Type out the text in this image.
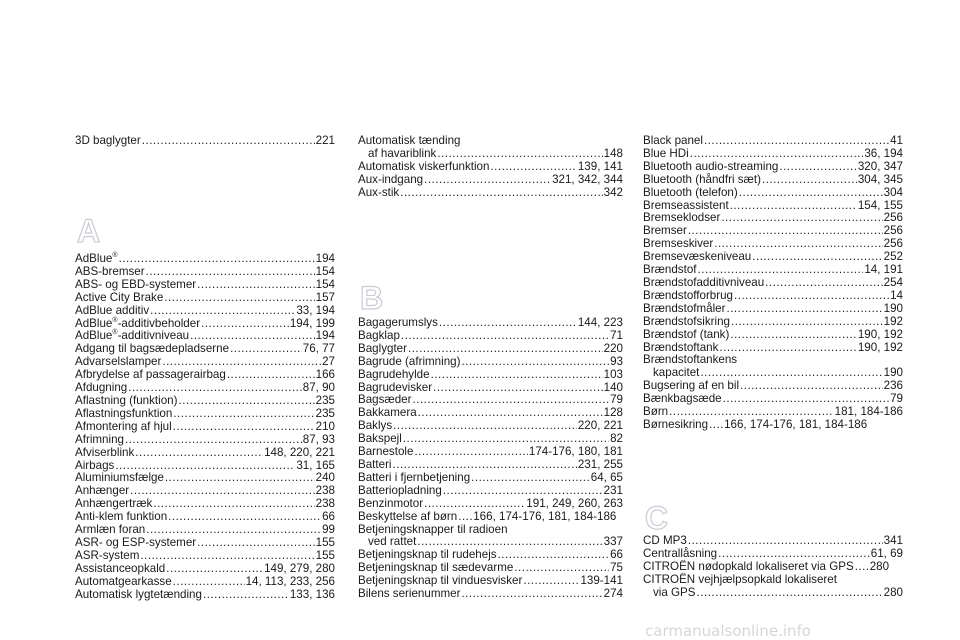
3D baglygter .....	221
A
AdBlue® .....	194
ABS-bremser .....	154
ABS- og EBD-systemer .....	154
Active City Brake .....	157
AdBlue additiv .....	33, 194
AdBlue®-additivbeholder .....	194, 199
AdBlue®-additivniveau .....	194
Adgang til bagsædepladserne .....	76, 77
Advarselslamper .....	27
Afbrydelse af passagerairbag .....	166
Afdugning .....	87, 90
Aflastning (funktion) .....	235
Aflastningsfunktion .....	235
Afmontering af hjul .....	210
Afrimning .....	87, 93
Afviserblink .....	148, 220, 221
Airbags .....	31, 165
Aluminiumsfælge .....	240
Anhænger .....	238
Anhængertræk .....	238
Anti-klem funktion .....	66
Armlæn foran .....	99
ASR- og ESP-systemer .....	155
ASR-system .....	155
Assistanceopkald .....	149, 279, 280
Automatgearkasse .....	14, 113, 233, 256
Automatisk lygtetænding .....	133, 136
Automatisk tænding
af havariblink .....	148
Automatisk viskerfunktion .....	139, 141
Aux-indgang .....	321, 342, 344
Aux-stik .....	342
B
Bagagerumslys .....	144, 223
Bagklap .....	71
Baglygter .....	220
Bagrude (afrimning) .....	93
Bagrudehylde .....	103
Bagrudevisker .....	140
Bagsæder .....	79
Bakkamera .....	128
Baklys .....	220, 221
Bakspejl .....	82
Barnestole .....	174-176, 180, 181
Batteri .....	231, 255
Batteri i fjernbetjening .....	64, 65
Batteriopladning .....	231
Benzinmotor .....	191, 249, 260, 263
Beskyttelse af børn ..... 166, 174-176, 181, 184-186
Betjeningsknapper til radioen
ved rattet .....	337
Betjeningsknap til rudehejs .....	66
Betjeningsknap til sædevarme .....	75
Betjeningsknap til vinduesvisker .....	139-141
Bilens serienummer .....	274
Black panel .....	41
Blue HDi .....	36, 194
Bluetooth audio-streaming .....	320, 347
Bluetooth (håndfri sæt) .....	304, 345
Bluetooth (telefon) .....	304
Bremseassistent .....	154, 155
Bremseklodser .....	256
Bremser .....	256
Bremseskiver .....	256
Bremsevæskeniveau .....	252
Brændstof .....	14, 191
Brændstofadditivniveau .....	254
Brændstofforbrug .....	14
Brændstofmåler .....	190
Brændstofsikring .....	192
Brændstof (tank) .....	190, 192
Brændstoftank .....	190, 192
Brændstoftankens
kapacitet .....	190
Bugsering af en bil .....	236
Bænkbagsæde .....	79
Børn .....	181, 184-186
Børnesikring ..... 166, 174-176, 181, 184-186
C
CD MP3 .....	341
Centrallåsning .....	61, 69
CITROËN nødopkald lokaliseret via GPS ..... 280
CITROËN vejhjælpsopkald lokaliseret
via GPS .....	280
carmanualsonline.info
